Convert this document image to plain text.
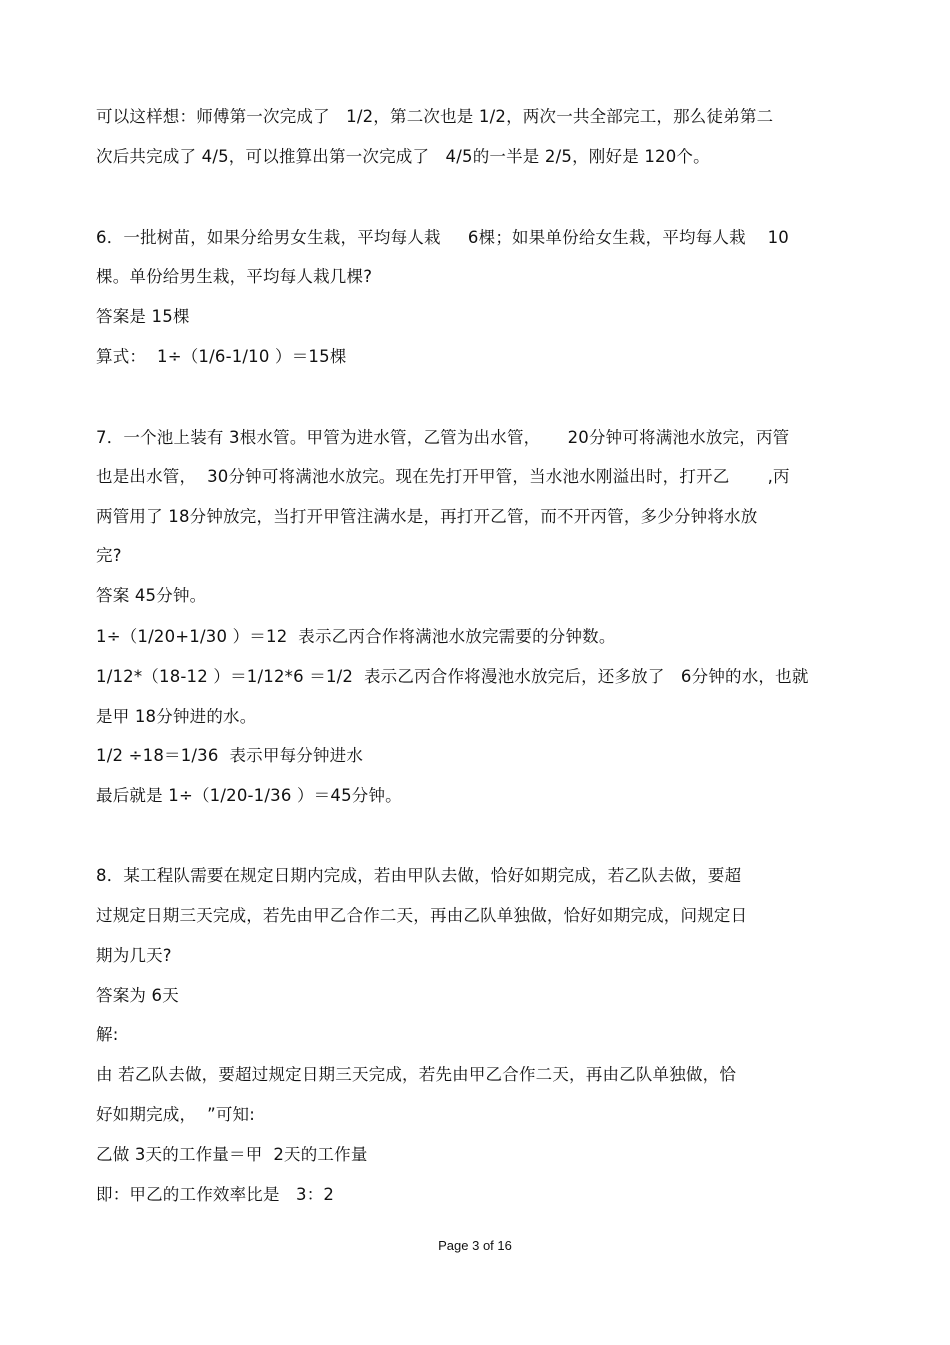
可以这样想：师傅第一次完成了   1/2，第二次也是 1/2，两次一共全部完工，那么徒弟第二
次后共完成了 4/5，可以推算出第一次完成了   4/5的一半是 2/5，刚好是 120个。
6．一批树苗，如果分给男女生栽，平均每人栽     6棵；如果单份给女生栽，平均每人栽    10
棵。单份给男生栽，平均每人栽几棵?
答案是 15棵
算式：  1÷（1/6-1/10 ）＝15棵
7．一个池上装有 3根水管。甲管为进水管，乙管为出水管，     20分钟可将满池水放完，丙管
也是出水管，  30分钟可将满池水放完。现在先打开甲管，当水池水刚溢出时，打开乙       ,丙
两管用了 18分钟放完，当打开甲管注满水是，再打开乙管，而不开丙管，多少分钟将水放
完?
答案 45分钟。
1÷（1/20+1/30 ）＝12  表示乙丙合作将满池水放完需要的分钟数。
1/12*（18-12 ）＝1/12*6 ＝1/2  表示乙丙合作将漫池水放完后，还多放了   6分钟的水，也就
是甲 18分钟进的水。
1/2 ÷18＝1/36  表示甲每分钟进水
最后就是 1÷（1/20-1/36 ）＝45分钟。
8．某工程队需要在规定日期内完成，若由甲队去做，恰好如期完成，若乙队去做，要超
过规定日期三天完成，若先由甲乙合作二天，再由乙队单独做，恰好如期完成，问规定日
期为几天?
答案为 6天
解:
由 若乙队去做，要超过规定日期三天完成，若先由甲乙合作二天，再由乙队单独做，恰
好如期完成，  ”可知:
乙做 3天的工作量＝甲  2天的工作量
即：甲乙的工作效率比是   3：2
Page 3 of 16
